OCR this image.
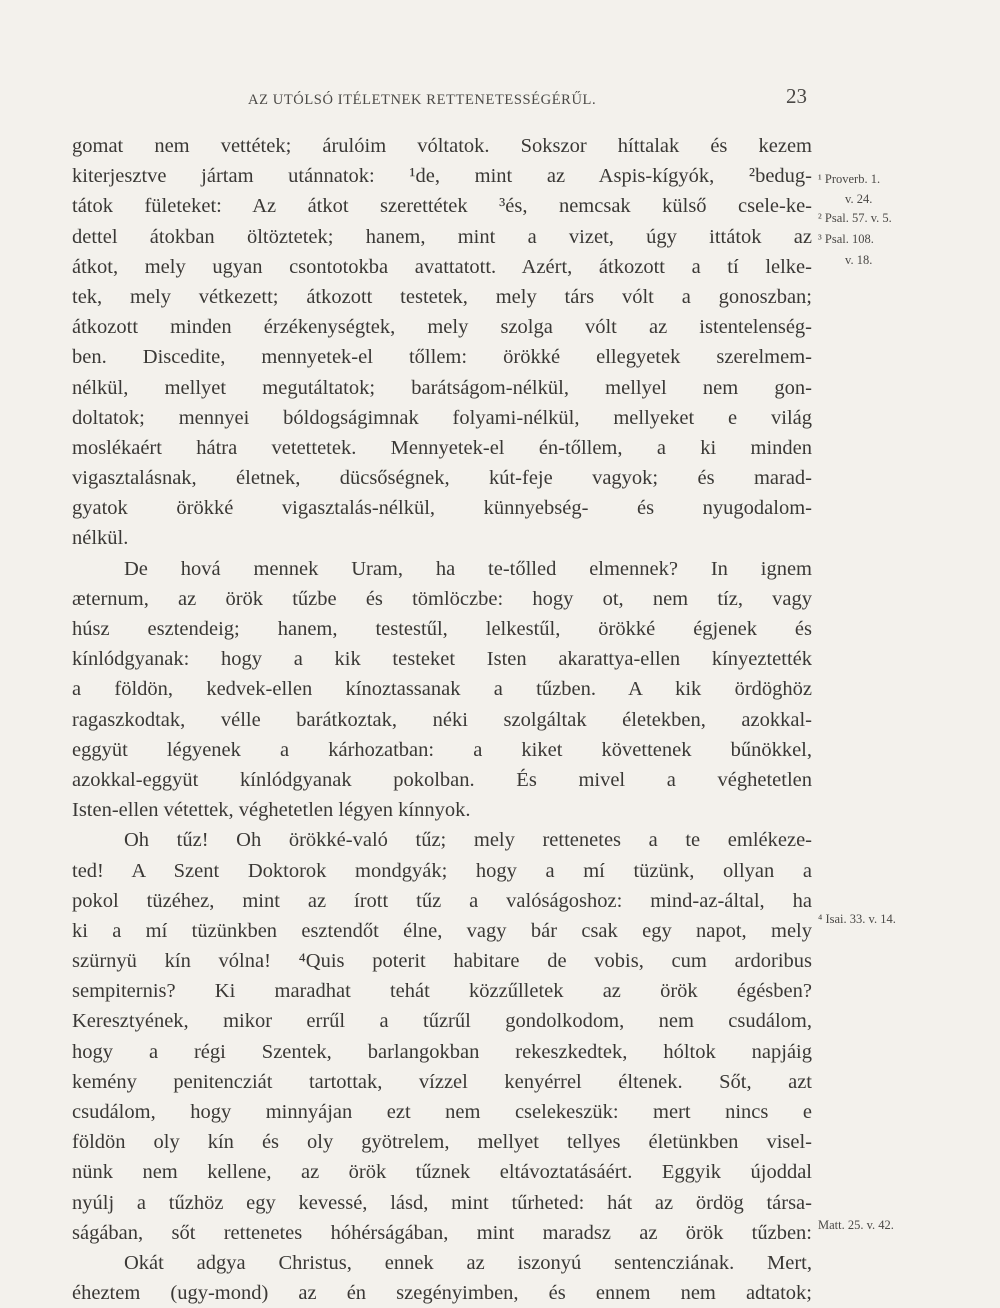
AZ UTÓLSÓ ITÉLETNEK RETTENETESSÉGÉRŰL.	23
gomat nem vettétek; árulóim vóltatok. Sokszor híttalak és kezem
kiterjesztve jártam utánnatok: ¹de, mint az Aspis-kígyók, ²bedug-
tátok fületeket: Az átkot szerettétek ³és, nemcsak külső csele-ke-
dettel átokban öltöztetek; hanem, mint a vizet, úgy ittátok az
átkot, mely ugyan csontotokba avattatott. Azért, átkozott a tí lelke-
tek, mely vétkezett; átkozott testetek, mely társ vólt a gonoszban;
átkozott minden érzékenységtek, mely szolga vólt az istentelenség-
ben. Discedite, mennyetek-el tőllem: örökké ellegyetek szerelmem-
nélkül, mellyet megutáltatok; barátságom-nélkül, mellyel nem gon-
doltatok; mennyei bóldogságimnak folyami-nélkül, mellyeket e világ
moslékaért hátra vetettetek. Mennyetek-el én-tőllem, a ki minden
vigasztalásnak, életnek, dücsőségnek, kút-feje vagyok; és marad-
gyatok örökké vigasztalás-nélkül, künnyebség- és nyugodalom-
nélkül.
De hová mennek Uram, ha te-tőlled elmennek? In ignem
æternum, az örök tűzbe és tömlöczbe: hogy ot, nem tíz, vagy
húsz esztendeig; hanem, testestűl, lelkestűl, örökké égjenek és
kínlódgyanak: hogy a kik testeket Isten akarattya-ellen kínyeztették
a földön, kedvek-ellen kínoztassanak a tűzben. A kik ördöghöz
ragaszkodtak, vélle barátkoztak, néki szolgáltak életekben, azokkal-
eggyüt légyenek a kárhozatban: a kiket követtenek bűnökkel,
azokkal-eggyüt kínlódgyanak pokolban. És mivel a véghetetlen
Isten-ellen vétettek, véghetetlen légyen kínnyok.
Oh tűz! Oh örökké-való tűz; mely rettenetes a te emlékeze-
ted! A Szent Doktorok mondgyák; hogy a mí tüzünk, ollyan a
pokol tüzéhez, mint az írott tűz a valóságoshoz: mind-az-által, ha
ki a mí tüzünkben esztendőt élne, vagy bár csak egy napot, mely
szürnyü kín vólna! ⁴Quis poterit habitare de vobis, cum ardoribus
sempiternis? Ki maradhat tehát közzűlletek az örök égésben?
Keresztyének, mikor errűl a tűzrűl gondolkodom, nem csudálom,
hogy a régi Szentek, barlangokban rekeszkedtek, hóltok napjáig
kemény penitencziát tartottak, vízzel kenyérrel éltenek. Sőt, azt
csudálom, hogy minnyájan ezt nem cselekeszük: mert nincs e
földön oly kín és oly gyötrelem, mellyet tellyes életünkben visel-
nünk nem kellene, az örök tűznek eltávoztatásáért. Eggyik újoddal
nyúlj a tűzhöz egy kevessé, lásd, mint tűrheted: hát az ördög társa-
ságában, sőt rettenetes hóhérságában, mint maradsz az örök tűzben:
Okát adgya Christus, ennek az iszonyú sentencziának. Mert,
éheztem (ugy-mond) az én szegényimben, és ennem nem adtatok;
¹ Proverb. 1.
v. 24.
² Psal. 57. v. 5.
³ Psal. 108.
v. 18.
⁴ Isai. 33. v. 14.
Matt. 25. v. 42.
